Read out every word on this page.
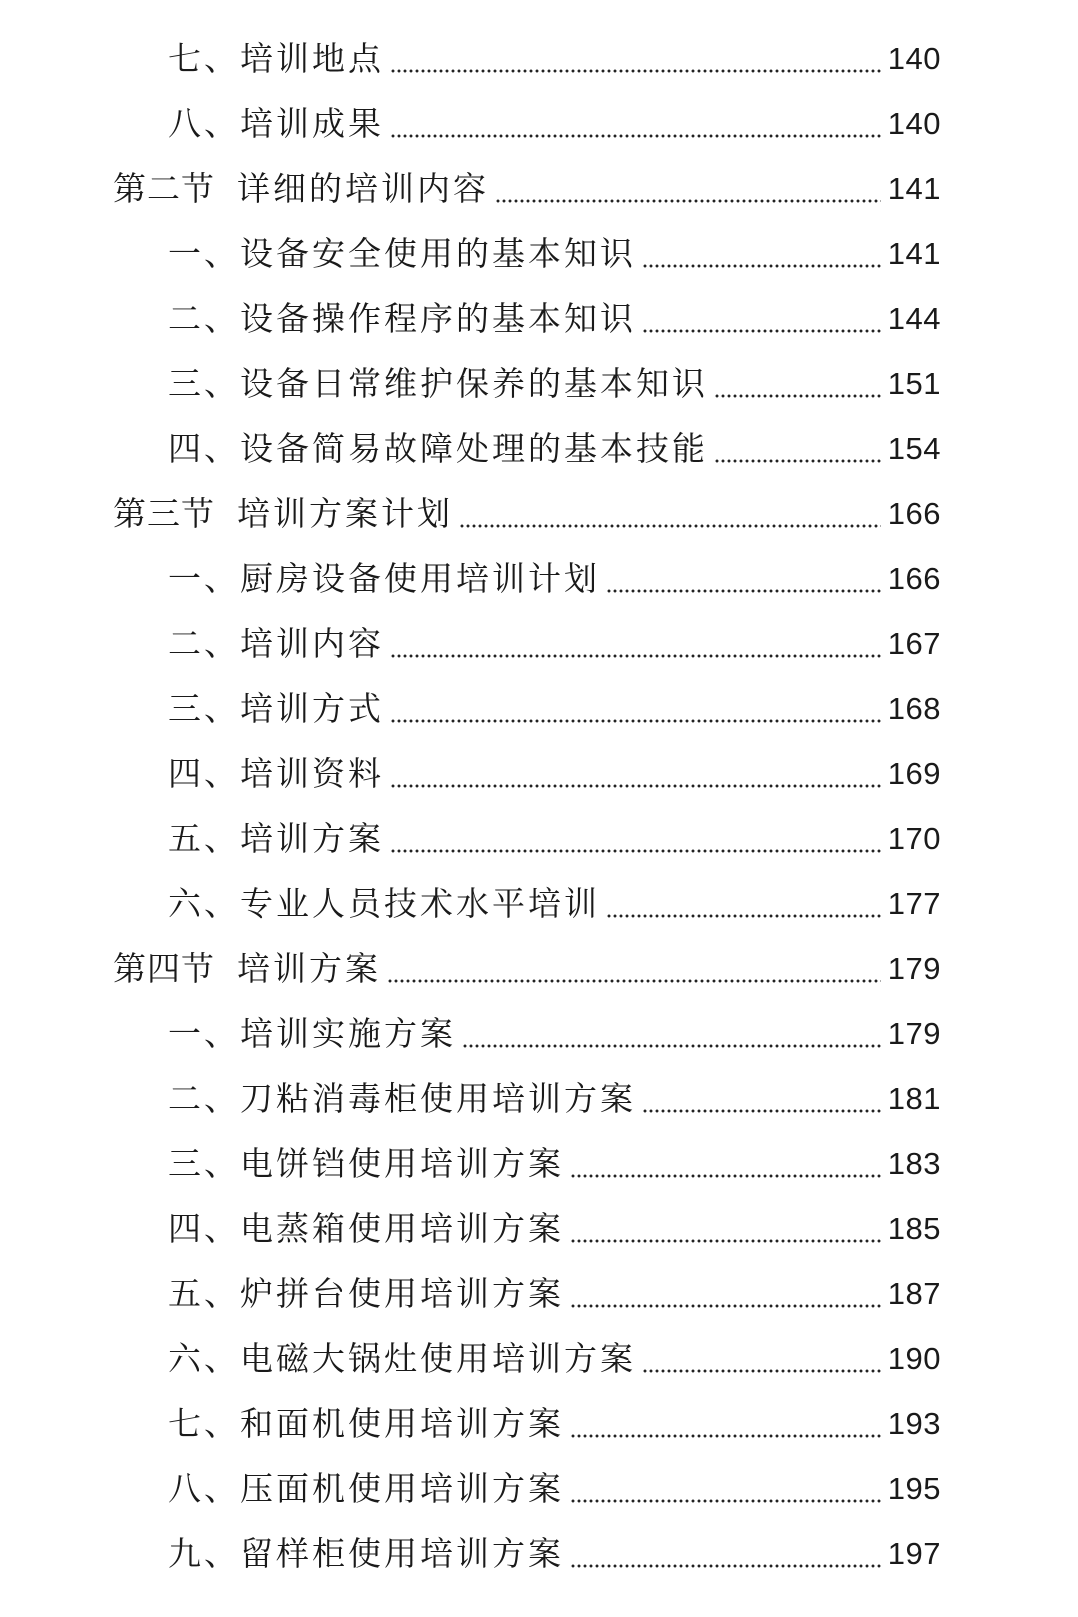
七、培训地点	140
八、培训成果	140
第二节 详细的培训内容	141
一、设备安全使用的基本知识	141
二、设备操作程序的基本知识	144
三、设备日常维护保养的基本知识	151
四、设备简易故障处理的基本技能	154
第三节 培训方案计划	166
一、厨房设备使用培训计划	166
二、培训内容	167
三、培训方式	168
四、培训资料	169
五、培训方案	170
六、专业人员技术水平培训	177
第四节 培训方案	179
一、培训实施方案	179
二、刀粘消毒柜使用培训方案	181
三、电饼铛使用培训方案	183
四、电蒸箱使用培训方案	185
五、炉拼台使用培训方案	187
六、电磁大锅灶使用培训方案	190
七、和面机使用培训方案	193
八、压面机使用培训方案	195
九、留样柜使用培训方案	197
